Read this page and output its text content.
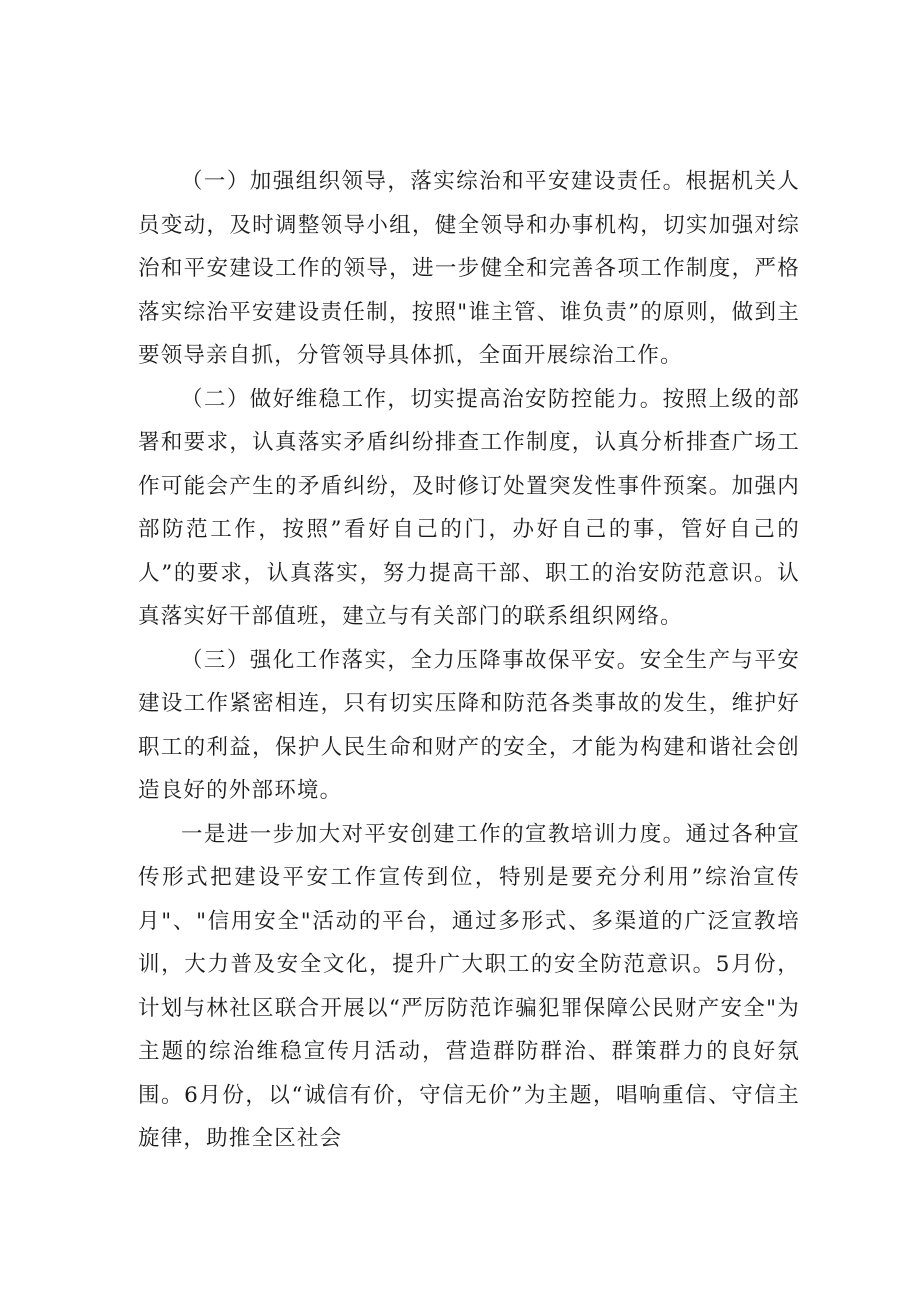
（一）加强组织领导，落实综治和平安建设责任。根据机关人员变动，及时调整领导小组，健全领导和办事机构，切实加强对综治和平安建设工作的领导，进一步健全和完善各项工作制度，严格落实综治平安建设责任制，按照"谁主管、谁负责”的原则，做到主要领导亲自抓，分管领导具体抓，全面开展综治工作。

（二）做好维稳工作，切实提高治安防控能力。按照上级的部署和要求，认真落实矛盾纠纷排查工作制度，认真分析排查广场工作可能会产生的矛盾纠纷，及时修订处置突发性事件预案。加强内部防范工作，按照”看好自己的门，办好自己的事，管好自己的人”的要求，认真落实，努力提高干部、职工的治安防范意识。认真落实好干部值班，建立与有关部门的联系组织网络。

（三）强化工作落实，全力压降事故保平安。安全生产与平安建设工作紧密相连，只有切实压降和防范各类事故的发生，维护好职工的利益，保护人民生命和财产的安全，才能为构建和谐社会创造良好的外部环境。

一是进一步加大对平安创建工作的宣教培训力度。通过各种宣传形式把建设平安工作宣传到位，特别是要充分利用”综治宣传月"、"信用安全"活动的平台，通过多形式、多渠道的广泛宣教培训，大力普及安全文化，提升广大职工的安全防范意识。5月份，计划与林社区联合开展以“严厉防范诈骗犯罪保障公民财产安全"为主题的综治维稳宣传月活动，营造群防群治、群策群力的良好氛围。6月份，以“诚信有价，守信无价”为主题，唱响重信、守信主旋律，助推全区社会
